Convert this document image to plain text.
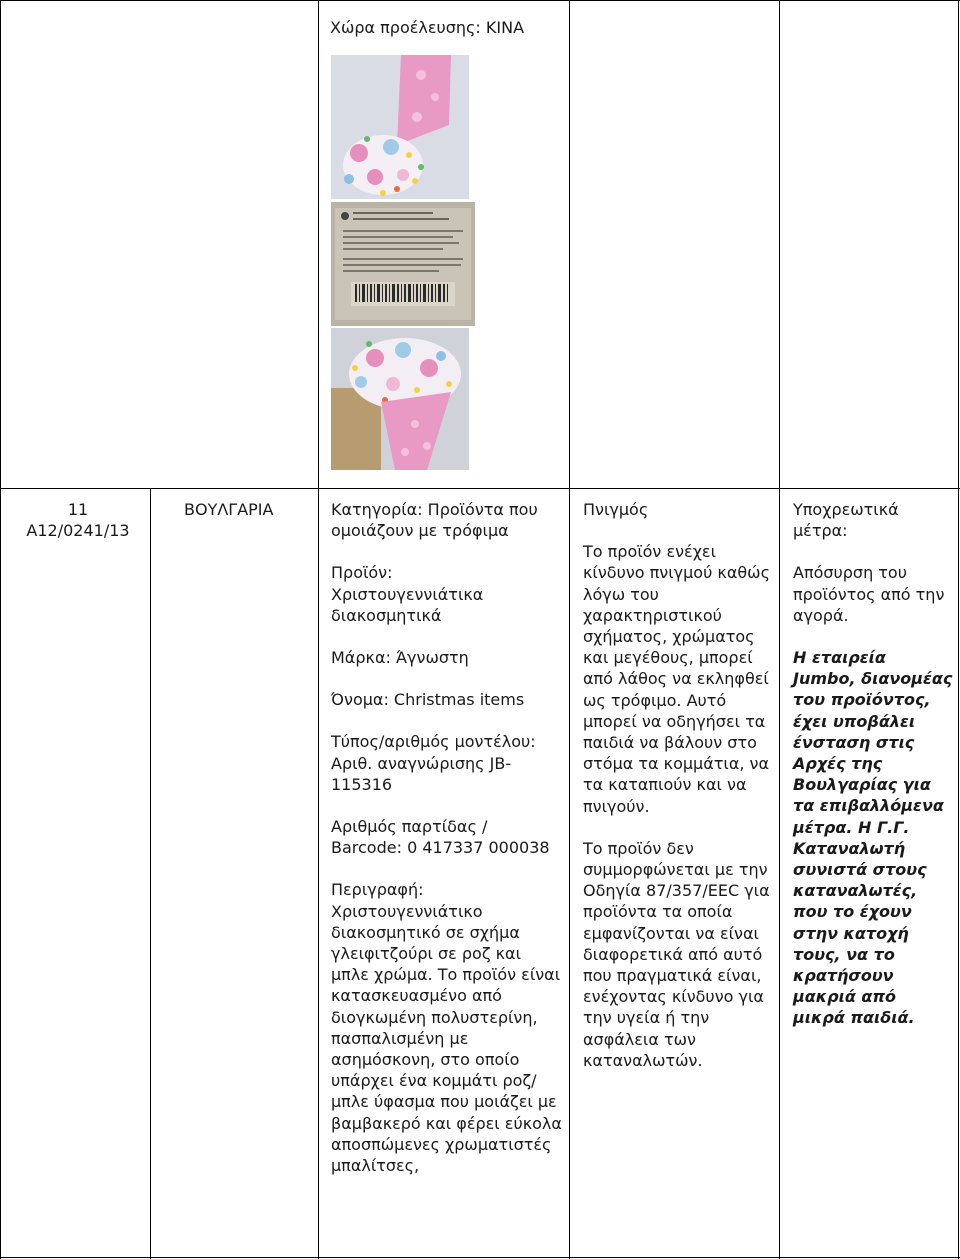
Χώρα προέλευσης: ΚΙΝΑ
11
A12/0241/13
ΒΟΥΛΓΑΡΙΑ	Κατηγορία: Προϊόντα που ομοιάζουν με τρόφιμα

Προϊόν:

Χριστουγεννιάτικα διακοσμητικά

Μάρκα: Άγνωστη

Όνομα: Christmas items

Τύπος/αριθμός μοντέλου: Αριθ. αναγνώρισης JB-115316

Αριθμός παρτίδας / Barcode: 0 417337 000038

Περιγραφή:

Χριστουγεννιάτικο διακοσμητικό σε σχήμα γλειφιτζούρι σε ροζ και μπλε χρώμα. Το προϊόν είναι κατασκευασμένο από διογκωμένη πολυστερίνη, πασπαλισμένη με ασημόσκονη, στο οποίο υπάρχει ένα κομμάτι ροζ/μπλε ύφασμα που μοιάζει με βαμβακερό και φέρει εύκολα αποσπώμενες χρωματιστές μπαλίτσες,

Πνιγμός

Το προϊόν ενέχει κίνδυνο πνιγμού καθώς λόγω του χαρακτηριστικού σχήματος, χρώματος και μεγέθους, μπορεί από λάθος να εκληφθεί ως τρόφιμο. Αυτό μπορεί να οδηγήσει τα παιδιά να βάλουν στο στόμα τα κομμάτια, να τα καταπιούν και να πνιγούν.

Το προϊόν δεν συμμορφώνεται με την Οδηγία 87/357/ΕΕC για προϊόντα τα οποία εμφανίζονται να είναι διαφορετικά από αυτό που πραγματικά είναι, ενέχοντας κίνδυνο για την υγεία ή την ασφάλεια των καταναλωτών.

Υποχρεωτικά μέτρα:

Απόσυρση του προϊόντος από την αγορά.

Η εταιρεία Jumbo, διανομέας του προϊόντος, έχει υποβάλει ένσταση στις Αρχές της Βουλγαρίας για τα επιβαλλόμενα μέτρα. Η Γ.Γ. Καταναλωτή συνιστά στους καταναλωτές, που το έχουν στην κατοχή τους, να το κρατήσουν μακριά από μικρά παιδιά.
